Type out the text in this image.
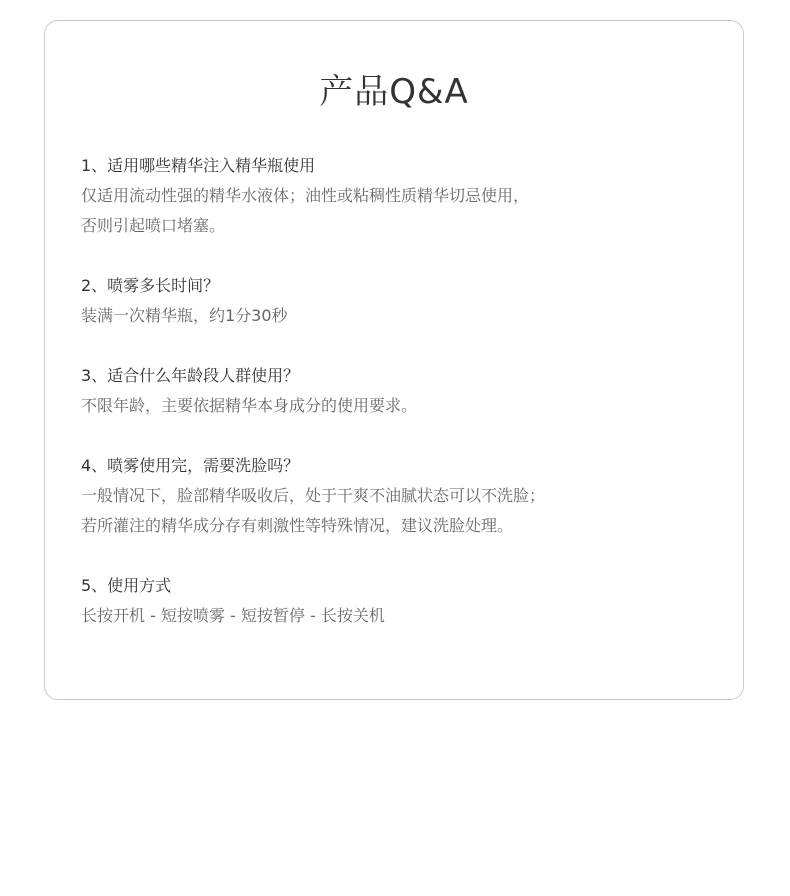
产品Q&A

1、适用哪些精华注入精华瓶使用

仅适用流动性强的精华水液体；油性或粘稠性质精华切忌使用，

否则引起喷口堵塞。

2、喷雾多长时间？

装满一次精华瓶，约1分30秒

3、适合什么年龄段人群使用？

不限年龄，主要依据精华本身成分的使用要求。

4、喷雾使用完，需要洗脸吗？

一般情况下，脸部精华吸收后，处于干爽不油腻状态可以不洗脸；

若所灌注的精华成分存有刺激性等特殊情况，建议洗脸处理。

5、使用方式

长按开机 - 短按喷雾 - 短按暂停 - 长按关机
